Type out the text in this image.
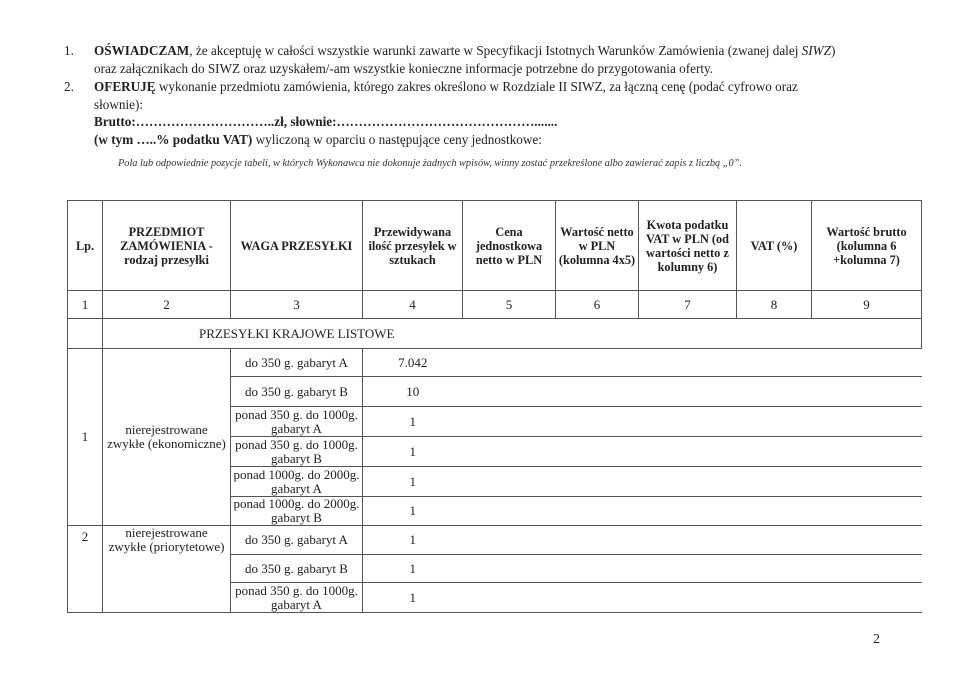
1. OŚWIADCZAM, że akceptuję w całości wszystkie warunki zawarte w Specyfikacji Istotnych Warunków Zamówienia (zwanej dalej SIWZ)
oraz załącznikach do SIWZ oraz uzyskałem/-am wszystkie konieczne informacje potrzebne do przygotowania oferty.
2. OFERUJĘ wykonanie przedmiotu zamówienia, którego zakres określono w Rozdziale II SIWZ, za łączną cenę (podać cyfrowo oraz
słownie):
Brutto:…………………………..zł, słownie:……………………………………….......
(w tym …..% podatku VAT) wyliczoną w oparciu o następujące ceny jednostkowe:
Pola lub odpowiednie pozycje tabeli, w których Wykonawca nie dokonuje żadnych wpisów, winny zostać przekreślone albo zawierać zapis z liczbą „0”.
Lp.	PRZEDMIOT ZAMÓWIENIA - rodzaj przesyłki	WAGA PRZESYŁKI	Przewidywana ilość przesyłek w sztukach	Cena jednostkowa netto w PLN	Wartość netto w PLN (kolumna 4x5)	Kwota podatku VAT w PLN (od wartości netto z kolumny 6)	VAT (%)	Wartość brutto (kolumna 6 +kolumna 7)
1	2	3	4	5	6	7	8	9
	PRZESYŁKI KRAJOWE LISTOWE							
1	nierejestrowane zwykłe (ekonomiczne)	do 350 g. gabaryt A	7.042					
		do 350 g. gabaryt B	10					
		ponad 350 g. do 1000g. gabaryt A	1					
		ponad 350 g. do 1000g. gabaryt B	1					
		ponad 1000g. do 2000g. gabaryt A	1					
		ponad 1000g. do 2000g. gabaryt B	1					
2	nierejestrowane zwykłe (priorytetowe)	do 350 g. gabaryt A	1					
		do 350 g. gabaryt B	1					
		ponad 350 g. do 1000g. gabaryt A	1					
2
